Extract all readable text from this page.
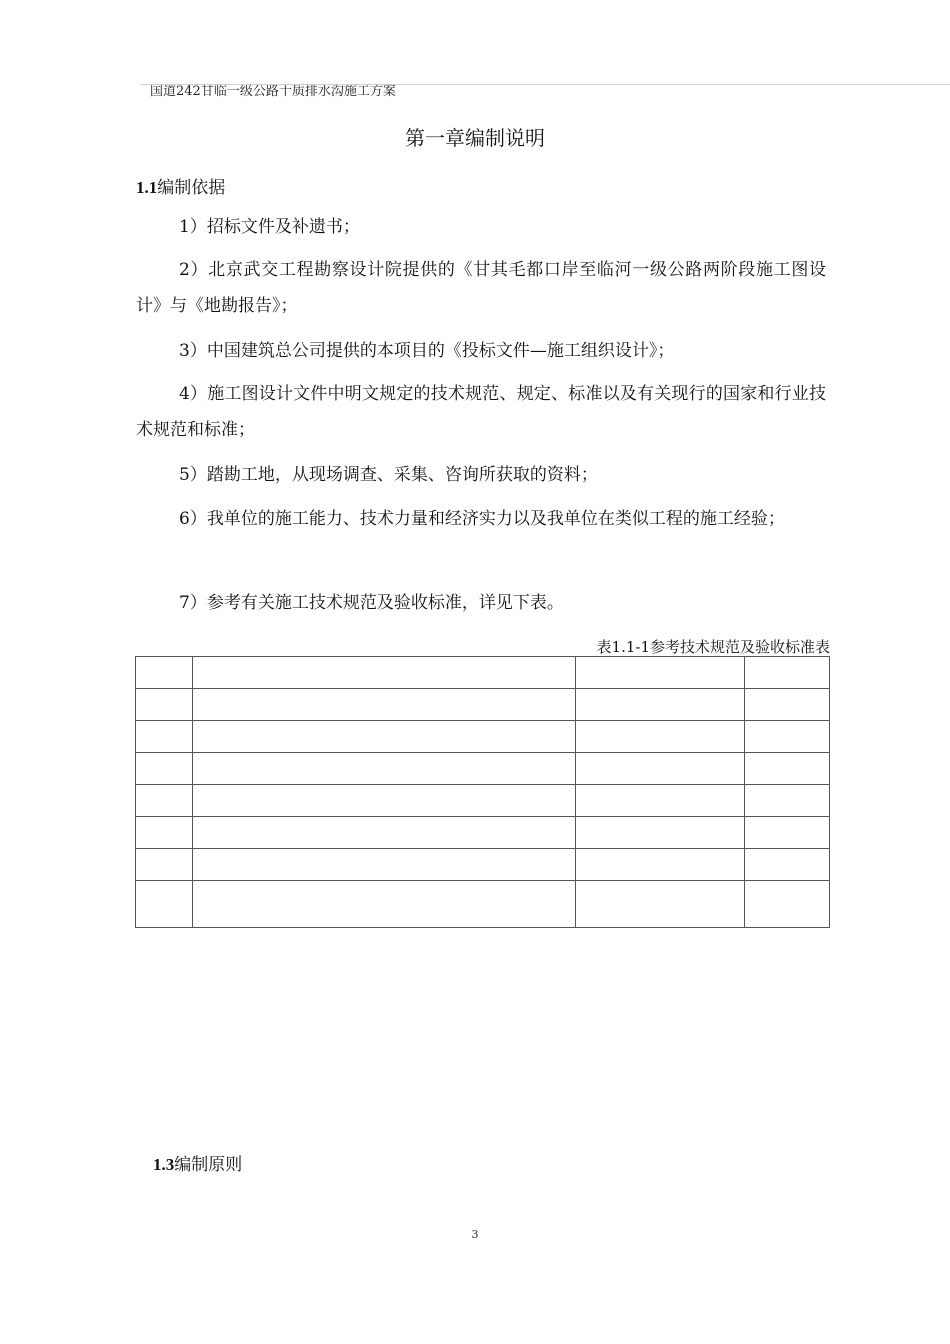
国道242甘临一级公路十质排水沟施工方案
第一章编制说明
1.1编制依据
1）招标文件及补遗书；
2）北京武交工程勘察设计院提供的《甘其毛都口岸至临河一级公路两阶段施工图设计》与《地勘报告》；
3）中国建筑总公司提供的本项目的《投标文件—施工组织设计》；
4）施工图设计文件中明文规定的技术规范、规定、标准以及有关现行的国家和行业技术规范和标准；
5）踏勘工地，从现场调查、采集、咨询所获取的资料；
6）我单位的施工能力、技术力量和经济实力以及我单位在类似工程的施工经验；
7）参考有关施工技术规范及验收标准，详见下表。
表1.1-1参考技术规范及验收标准表

1.3编制原则
3
